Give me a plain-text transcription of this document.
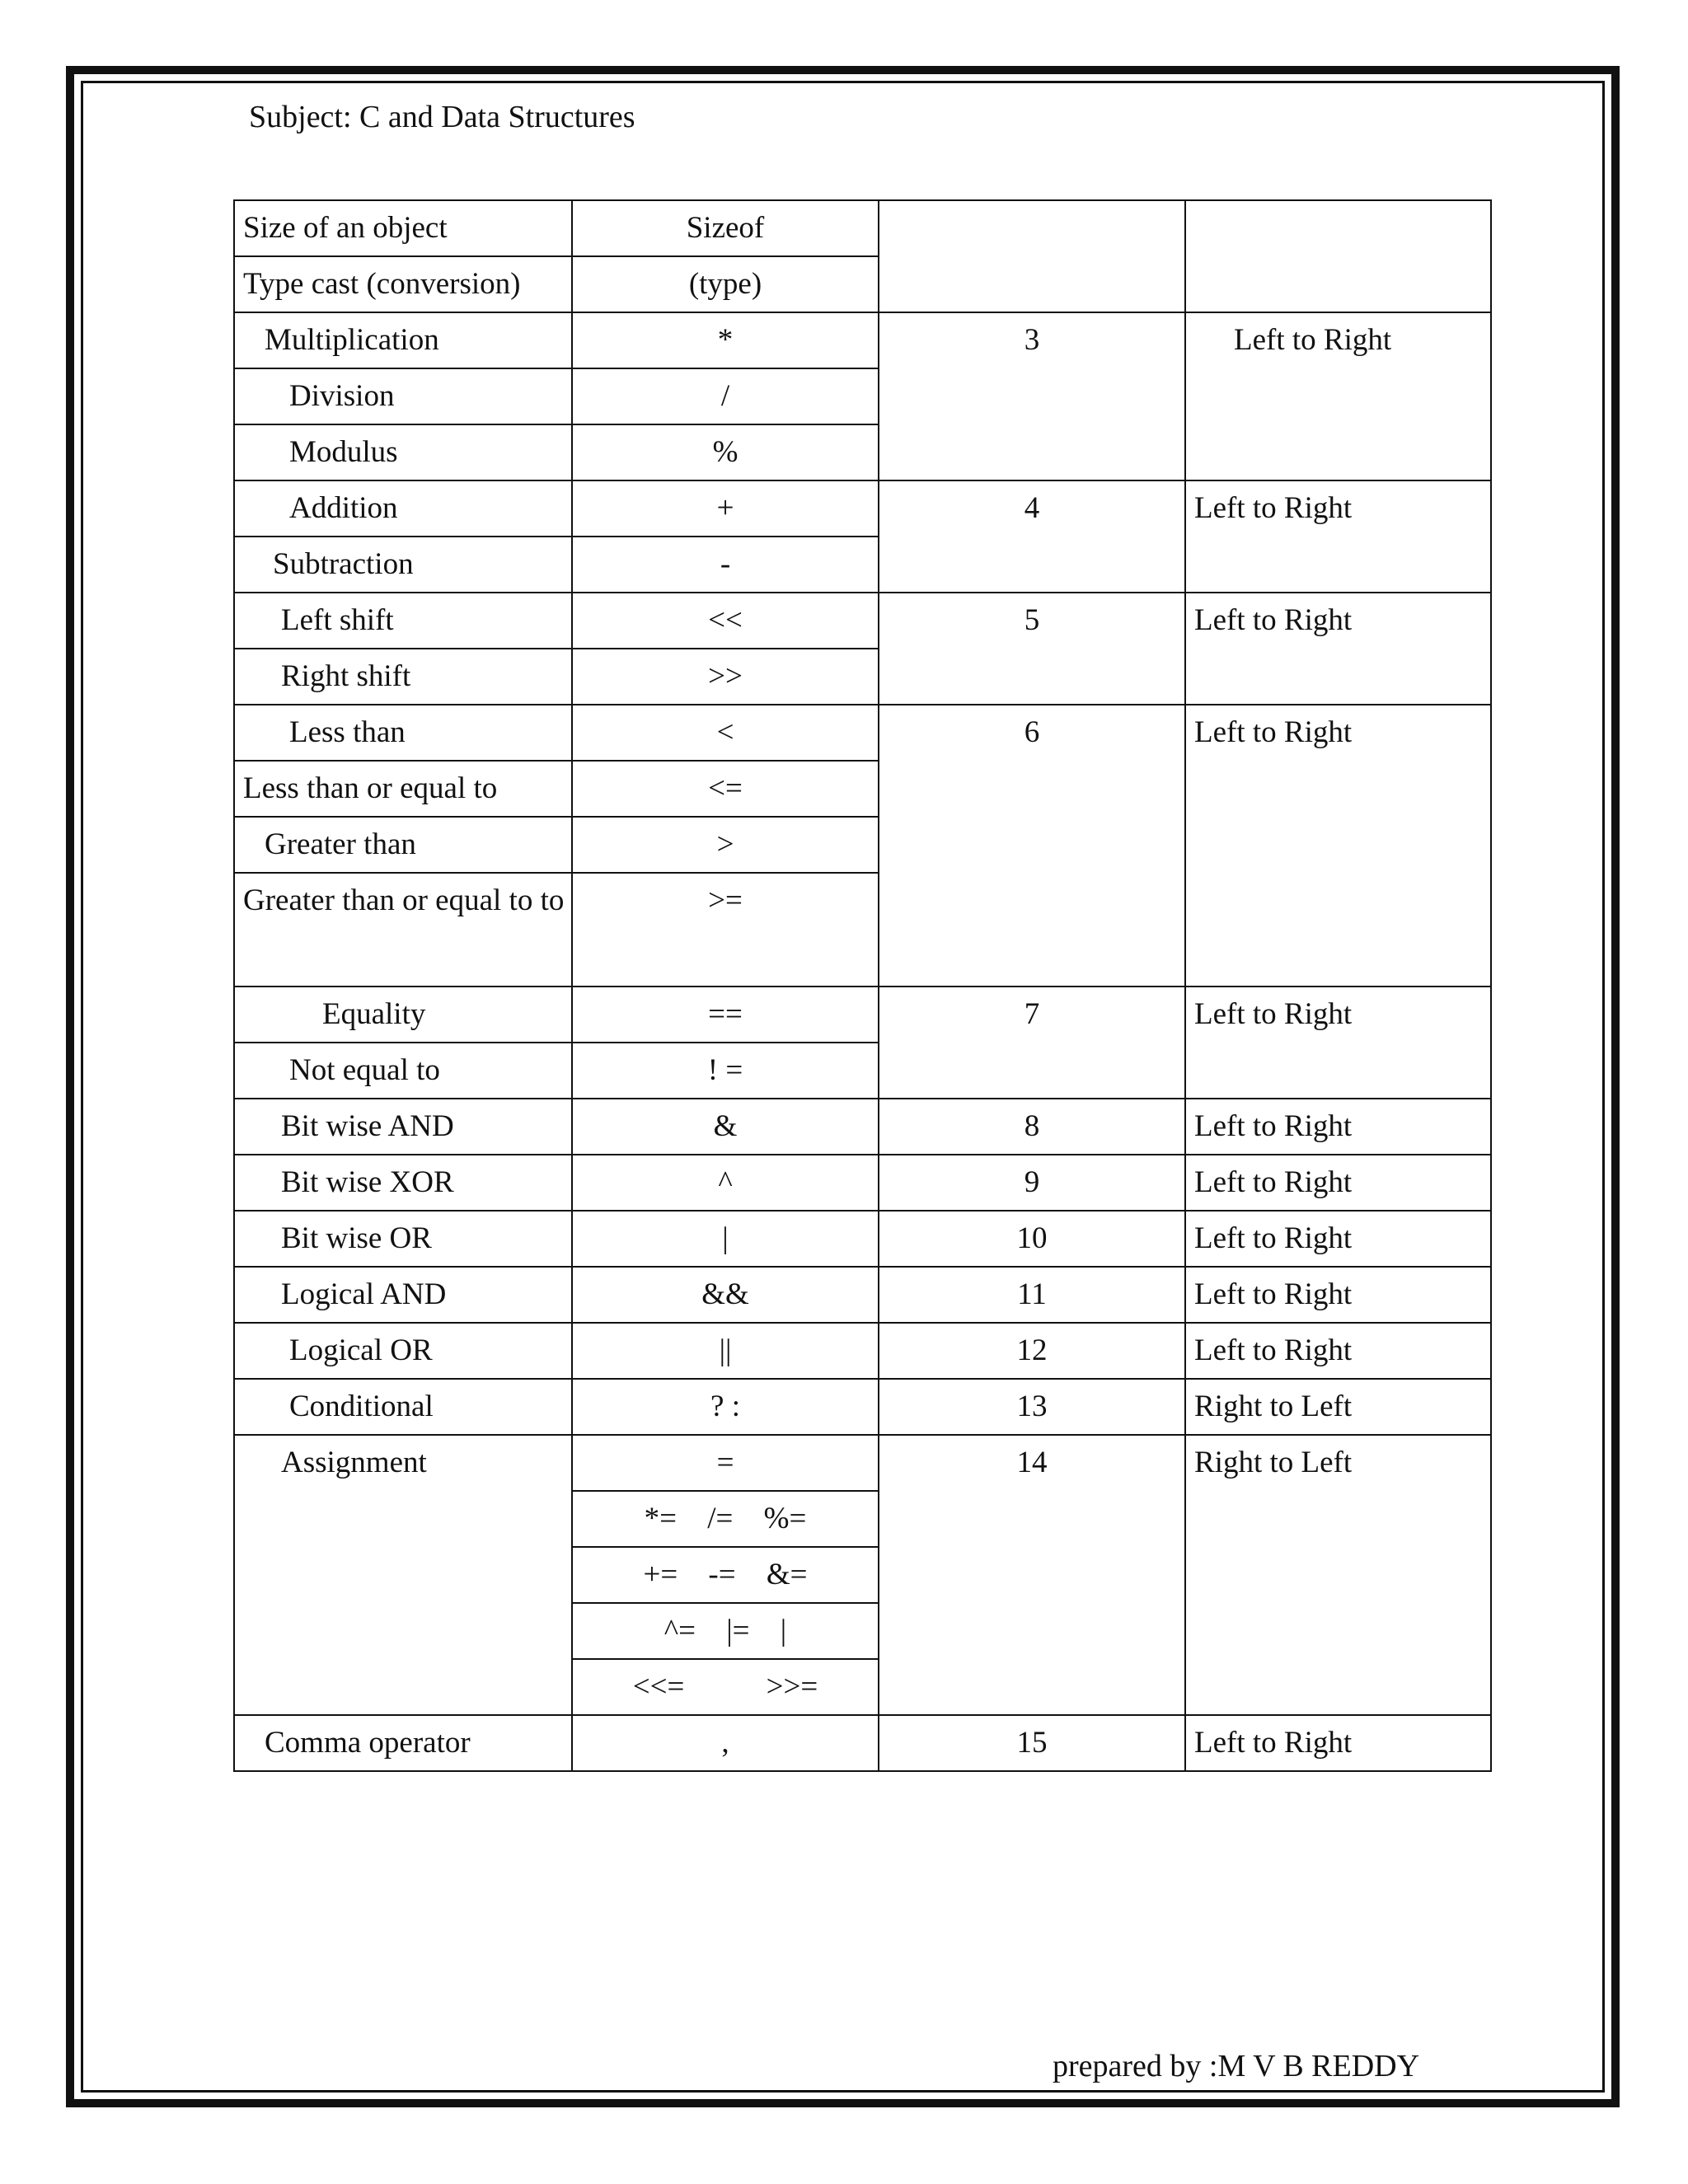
Subject: C and Data Structures
Size of an object	Sizeof		
Type cast (conversion)	(type)		
Multiplication	*	3	Left to Right
Division	/		
Modulus	%		
Addition	+	4	Left to Right
Subtraction	-		
Left shift	<<	5	Left to Right
Right shift	>>		
Less than	<	6	Left to Right
Less than or equal to	<=		
Greater than	>		
Greater than or equal to to	>=		
Equality	==	7	Left to Right
Not equal to	! =		
Bit wise AND	&	8	Left to Right
Bit wise XOR	^	9	Left to Right
Bit wise OR	|	10	Left to Right
Logical AND	&&	11	Left to Right
Logical OR	||	12	Left to Right
Conditional	? :	13	Right to Left
Assignment	=	14	Right to Left
	*= /= %=		
	+= -= &=		
	^= |= |		
	<<= >>=		
Comma operator	,	15	Left to Right
prepared by :M V B REDDY
